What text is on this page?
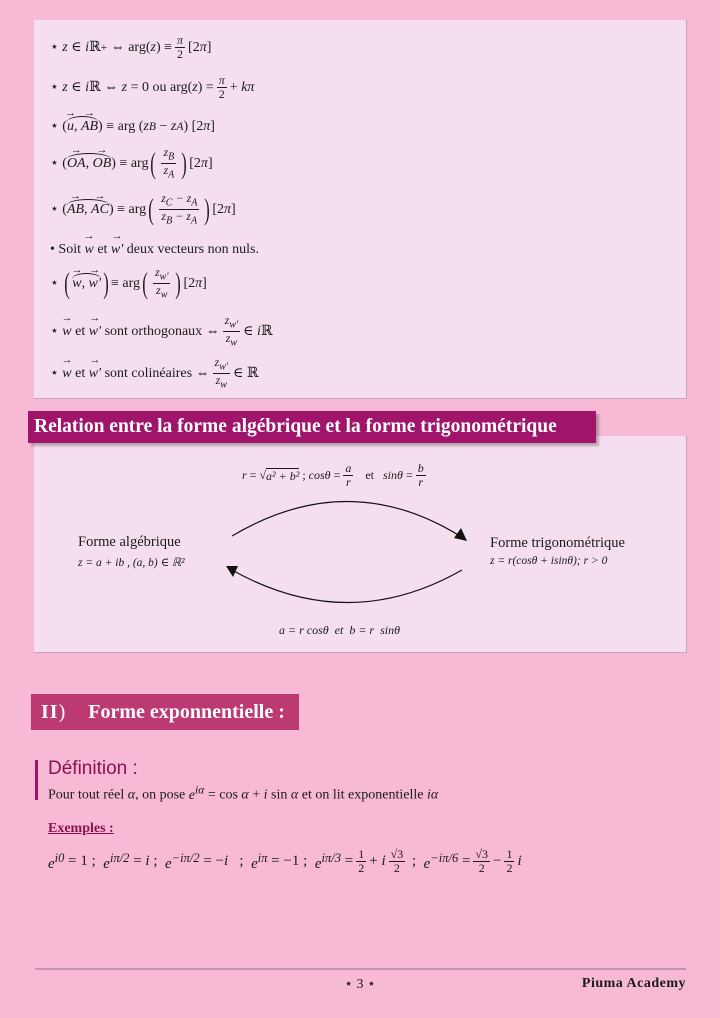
⋆ z ∈ i ℝ + ⇔ arg( z ) ≡ $\frac{\pi}{2} [2$ π ]
⋆ z ∈ i ℝ ⇔ z = 0 ou arg( z ) = $\frac{\pi}{2} + k\pi$
⋆ ( u →, AB → ) ≡ arg ( z B − z A ) [2 π ]
⋆ ( OA →, OB → ) ≡ arg ( $\frac{z_B}{z_A}$ ) [2 π ]
⋆ ( AB →, AC → ) ≡ arg ( $\frac{z_C - z_A}{z_B - z_A}$ ) [2 π ]
• Soit w → et w' → deux vecteurs non nuls.
⋆ ( w →, w' → ) ≡ arg ( $\frac{z_{w'}}{z_w}$ ) [2 π ]
⋆ w → et w' → sont orthogonaux ⇔ $\frac{z_{w'}}{z_w}$ ∈ i ℝ
⋆ w → et w' → sont colinéaires ⇔ $\frac{z_{w'}}{z_w}$ ∈ ℝ
Relation entre la forme algébrique et la forme trigonométrique
r = √ a² + b² ; $\cos\theta = \frac{a}{r}$ et $\sin\theta = \frac{b}{r}$
Forme algébrique
z = a + ib , (a, b) ∈ ℝ²
Forme trigonométrique
z = r(cosθ + isinθ); r > 0
a = r cosθ  et  b = r  sinθ
II) Forme exponnentielle :
Définition :
Pour tout réel α, on pose $e^{i\alpha} = \cos \alpha + i$ sin α et on lit exponentielle iα
Exemples :
$e^{i0} = 1$ ; $e^{i\pi/2} = i$ ; $e^{-i\pi/2}$ = − i ; $e^{i\pi} = -1$ ; $e^{i\pi/3} = \frac{1}{2} + i \frac{√3}{2}$ ; $e^{-i\pi/6} = \frac{√3}{2} - \frac{1}{2}$ i
⋆ 3 ⋆	Piuma Academy
